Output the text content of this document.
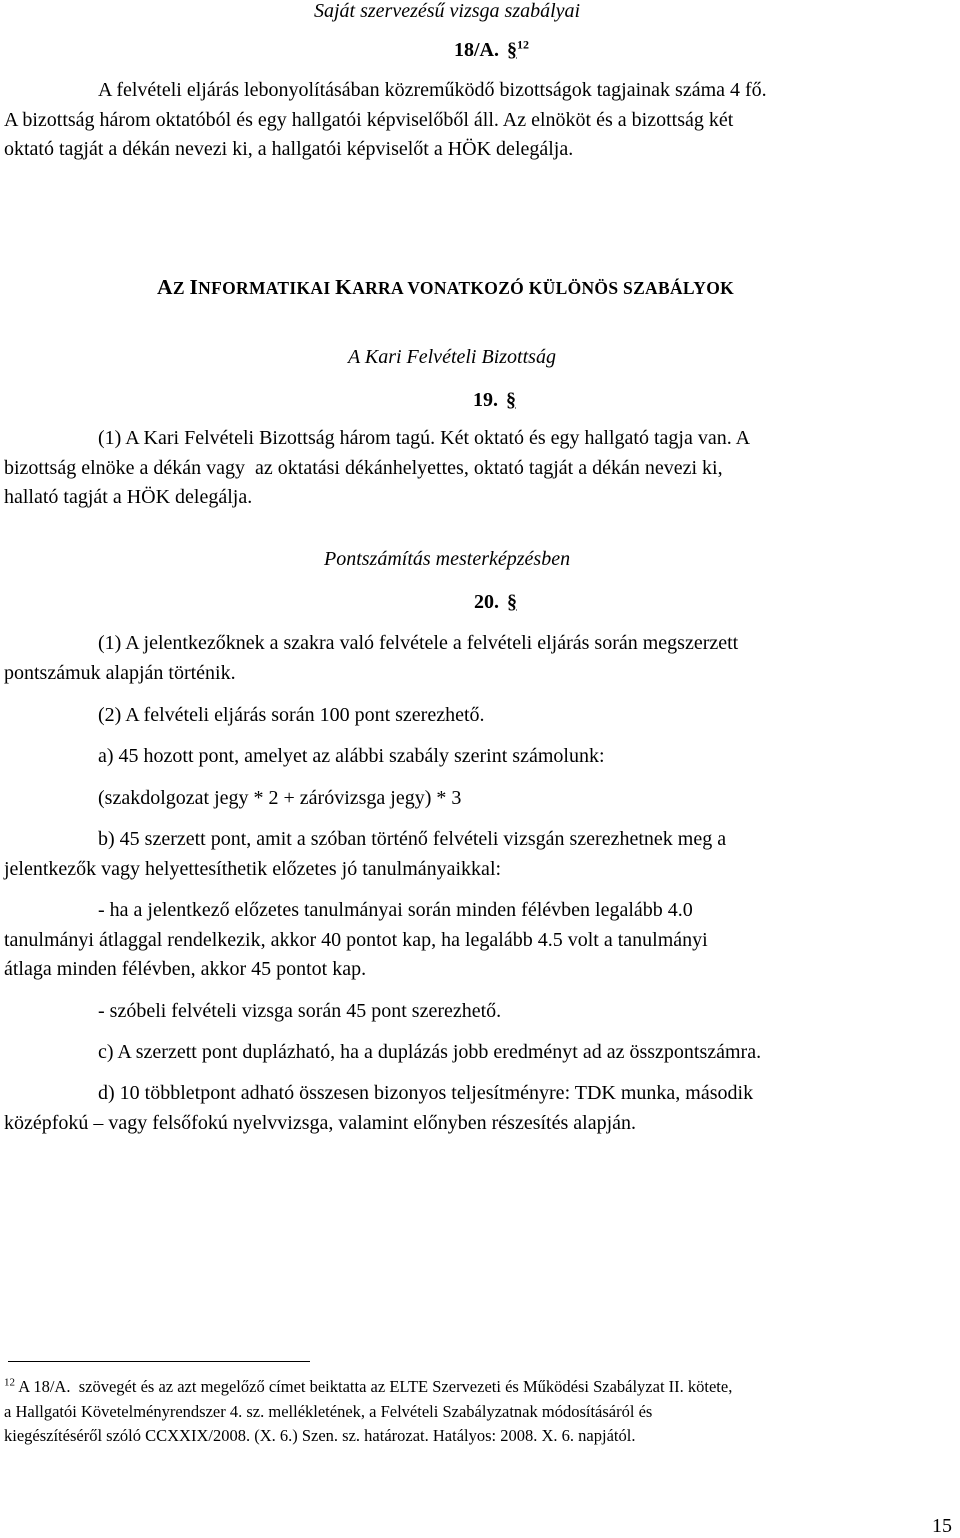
Saját szervezésű vizsga szabályai
18/A. §$^{12}$
A felvételi eljárás lebonyolításában közreműködő bizottságok tagjainak száma 4 fő.
A bizottság három oktatóból és egy hallgatói képviselőből áll. Az elnököt és a bizottság két
oktató tagját a dékán nevezi ki, a hallgatói képviselőt a HÖK delegálja.
AZ INFORMATIKAI KARRA VONATKOZÓ KÜLÖNÖS SZABÁLYOK
A Kari Felvételi Bizottság
19. §
(1) A Kari Felvételi Bizottság három tagú. Két oktató és egy hallgató tagja van. A
bizottság elnöke a dékán vagy  az oktatási dékánhelyettes, oktató tagját a dékán nevezi ki,
hallató tagját a HÖK delegálja.
Pontszámítás mesterképzésben
20. §
(1) A jelentkezőknek a szakra való felvétele a felvételi eljárás során megszerzett
pontszámuk alapján történik.
(2) A felvételi eljárás során 100 pont szerezhető.
a) 45 hozott pont, amelyet az alábbi szabály szerint számolunk:
(szakdolgozat jegy * 2 + záróvizsga jegy) * 3
b) 45 szerzett pont, amit a szóban történő felvételi vizsgán szerezhetnek meg a
jelentkezők vagy helyettesíthetik előzetes jó tanulmányaikkal:
- ha a jelentkező előzetes tanulmányai során minden félévben legalább 4.0
tanulmányi átlaggal rendelkezik, akkor 40 pontot kap, ha legalább 4.5 volt a tanulmányi
átlaga minden félévben, akkor 45 pontot kap.
- szóbeli felvételi vizsga során 45 pont szerezhető.
c) A szerzett pont duplázható, ha a duplázás jobb eredményt ad az összpontszámra.
d) 10 többletpont adható összesen bizonyos teljesítményre: TDK munka, második
középfokú – vagy felsőfokú nyelvvizsga, valamint előnyben részesítés alapján.
$^{12}$ A 18/A.  szövegét és az azt megelőző címet beiktatta az ELTE Szervezeti és Működési Szabályzat II. kötete,
a Hallgatói Követelményrendszer 4. sz. mellékletének, a Felvételi Szabályzatnak módosításáról és
kiegészítéséről szóló CCXXIX/2008. (X. 6.) Szen. sz. határozat. Hatályos: 2008. X. 6. napjától.
15
